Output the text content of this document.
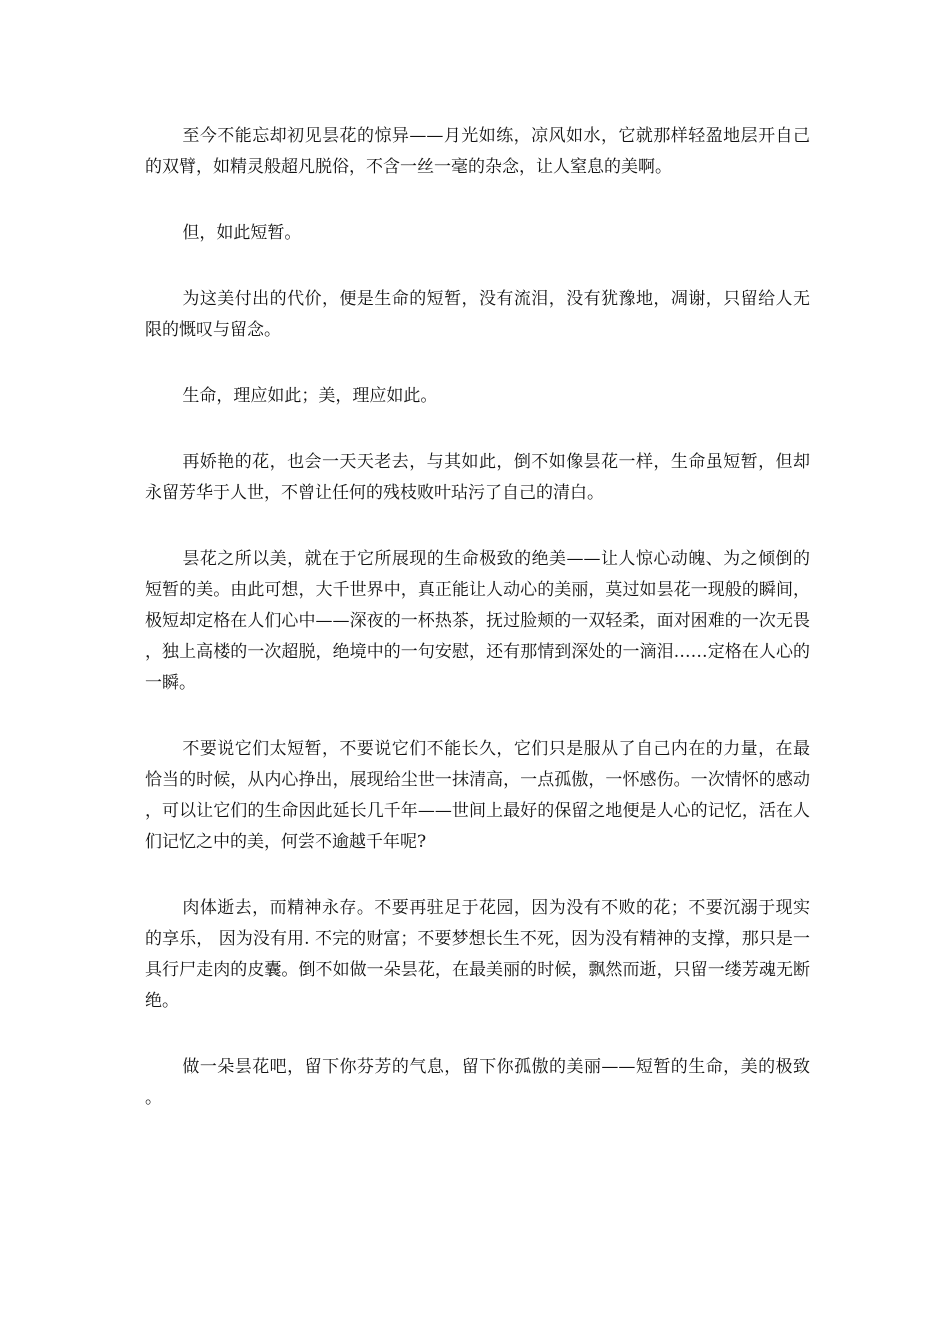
至今不能忘却初见昙花的惊异——月光如练，凉风如水，它就那样轻盈地层开自己的双臂，如精灵般超凡脱俗，不含一丝一毫的杂念，让人窒息的美啊。

但，如此短暂。

为这美付出的代价，便是生命的短暂，没有流泪，没有犹豫地，凋谢，只留给人无限的慨叹与留念。

生命，理应如此；美，理应如此。

再娇艳的花，也会一天天老去，与其如此，倒不如像昙花一样，生命虽短暂，但却永留芳华于人世，不曾让任何的残枝败叶玷污了自己的清白。

昙花之所以美，就在于它所展现的生命极致的绝美——让人惊心动魄、为之倾倒的短暂的美。由此可想，大千世界中，真正能让人动心的美丽，莫过如昙花一现般的瞬间，极短却定格在人们心中——深夜的一杯热茶，抚过脸颊的一双轻柔，面对困难的一次无畏，独上高楼的一次超脱，绝境中的一句安慰，还有那情到深处的一滴泪……定格在人心的一瞬。

不要说它们太短暂，不要说它们不能长久，它们只是服从了自己内在的力量，在最恰当的时候，从内心挣出，展现给尘世一抹清高，一点孤傲，一怀感伤。一次情怀的感动，可以让它们的生命因此延长几千年——世间上最好的保留之地便是人心的记忆，活在人们记忆之中的美，何尝不逾越千年呢?

肉体逝去，而精神永存。不要再驻足于花园，因为没有不败的花；不要沉溺于现实的享乐， 因为没有用. 不完的财富；不要梦想长生不死，因为没有精神的支撑，那只是一具行尸走肉的皮囊。倒不如做一朵昙花，在最美丽的时候，飘然而逝，只留一缕芳魂无断绝。

做一朵昙花吧，留下你芬芳的气息，留下你孤傲的美丽——短暂的生命，美的极致。
